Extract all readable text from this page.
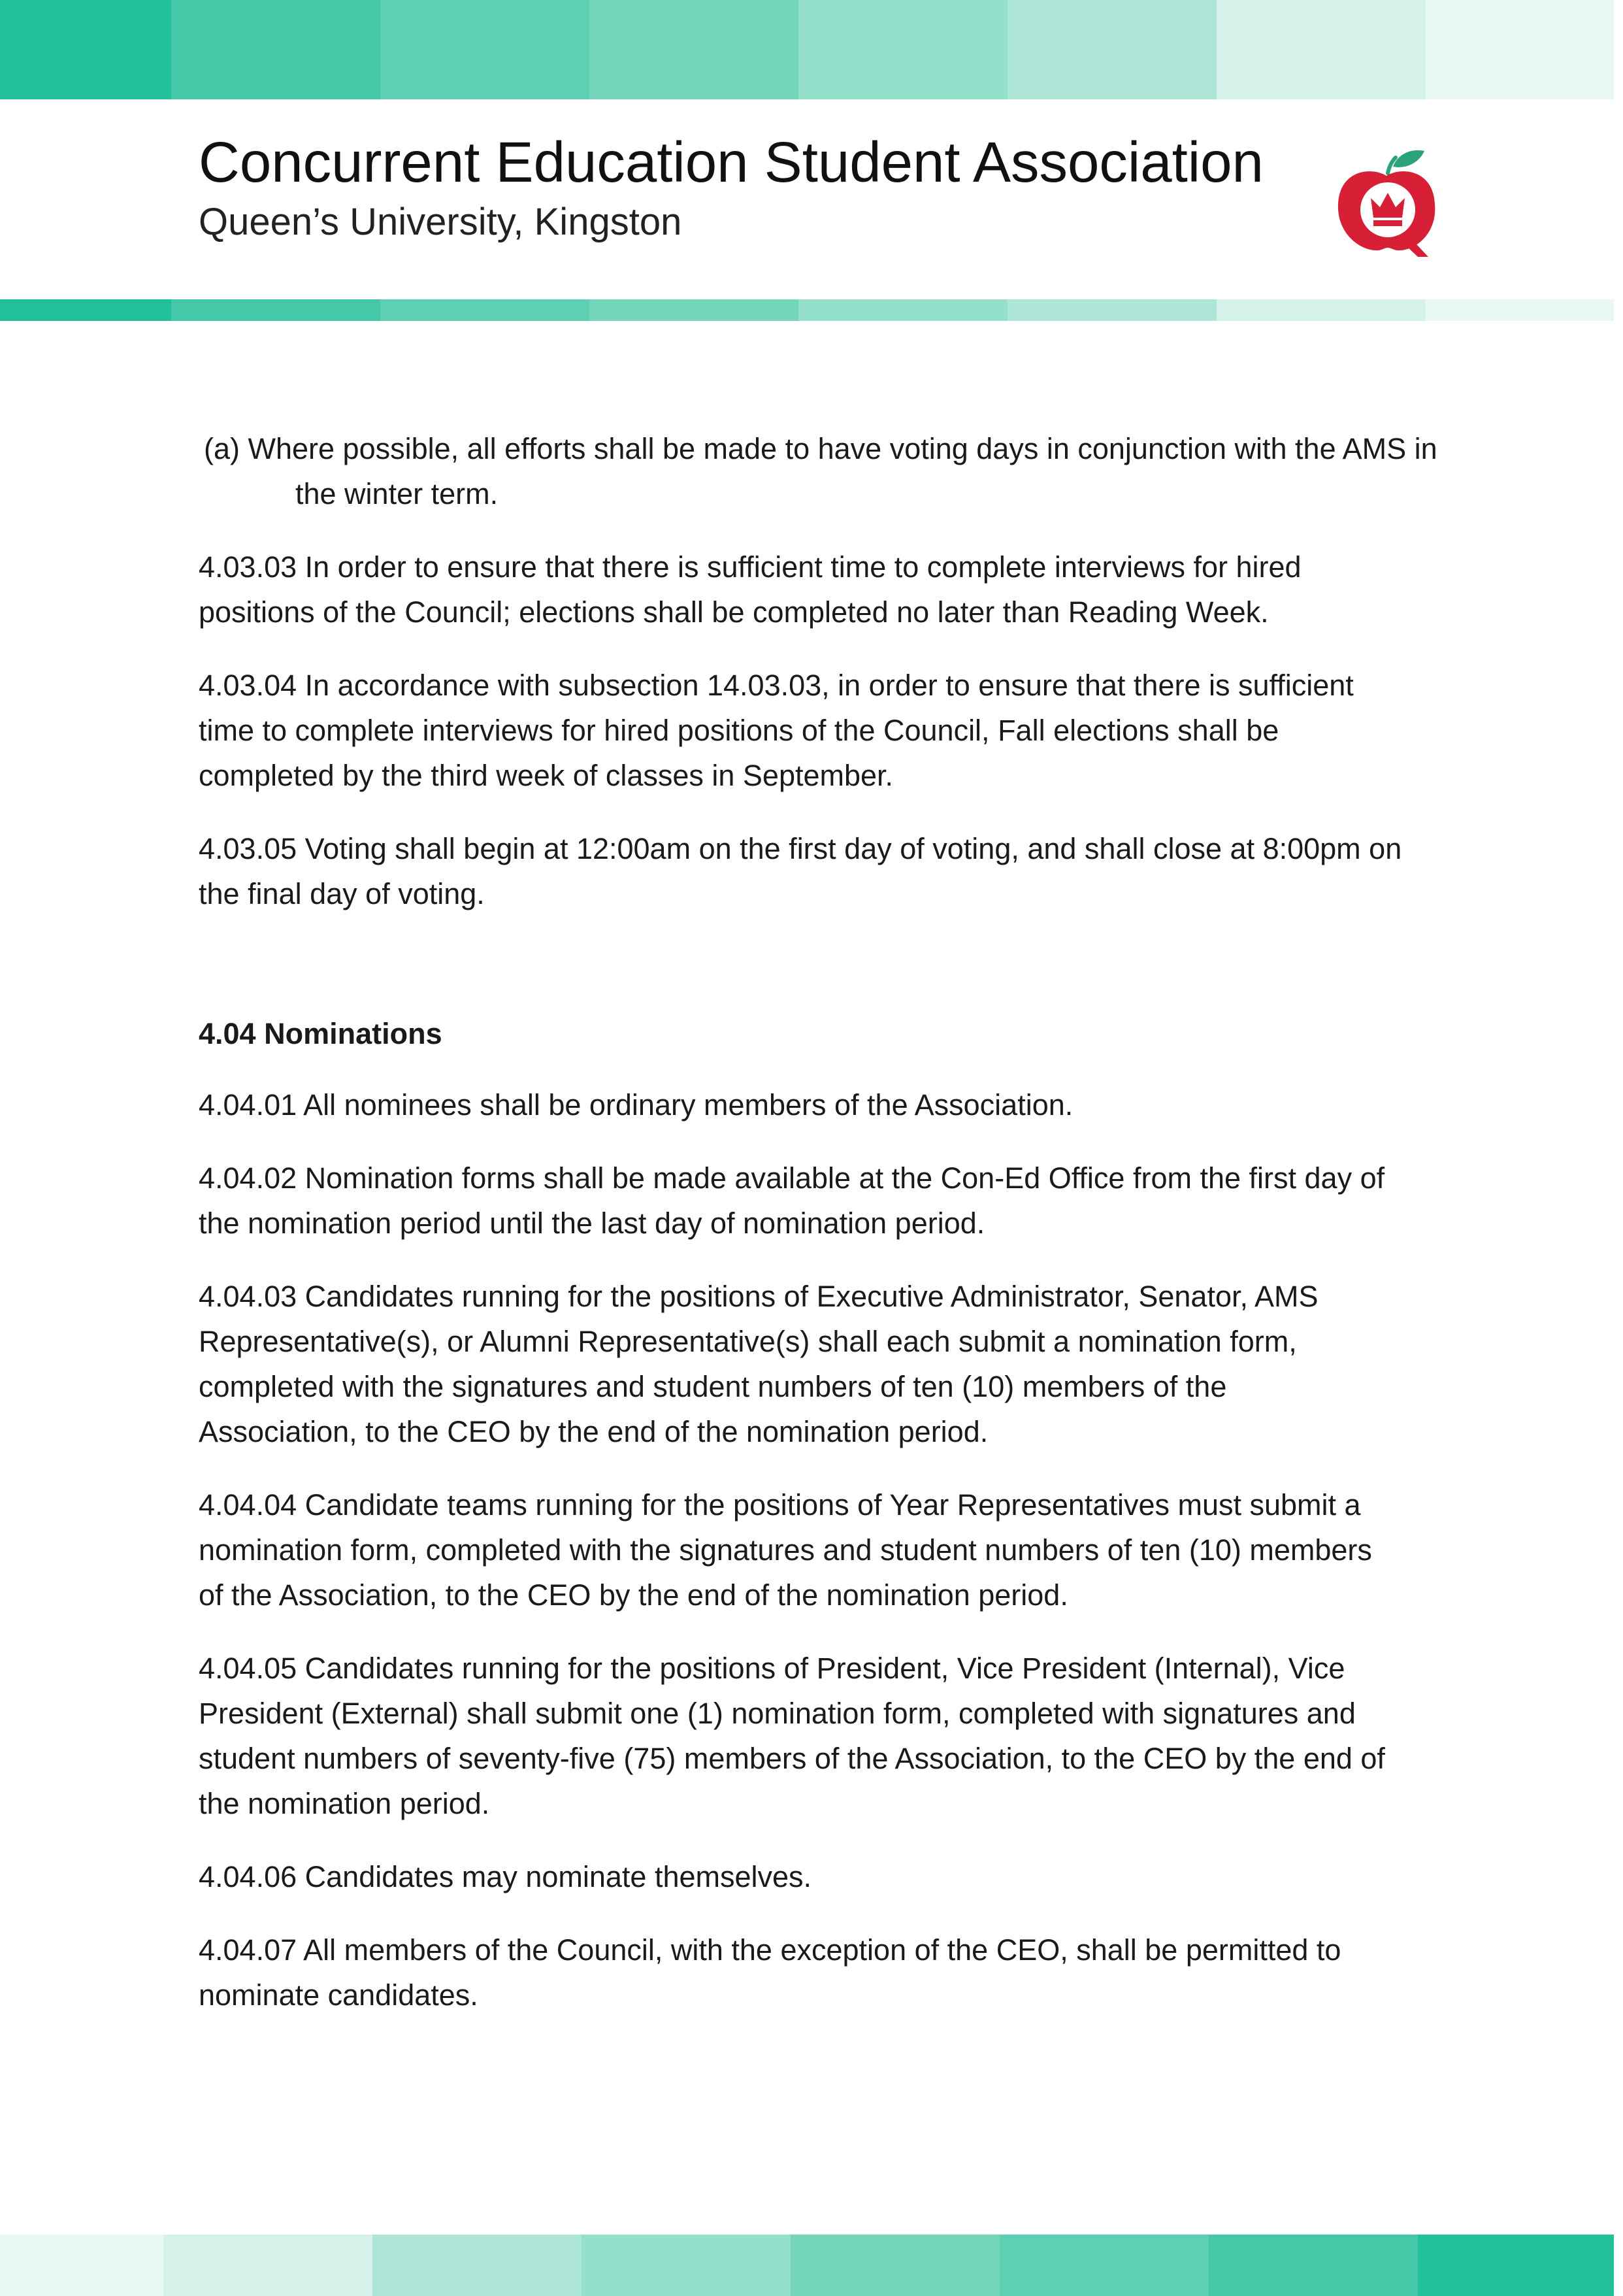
Concurrent Education Student Association
Queen’s University, Kingston

(a) Where possible, all efforts shall be made to have voting days in conjunction with the AMS in the winter term.

4.03.03 In order to ensure that there is sufficient time to complete interviews for hired
positions of the Council; elections shall be completed no later than Reading Week.

4.03.04 In accordance with subsection 14.03.03, in order to ensure that there is sufficient
time to complete interviews for hired positions of the Council, Fall elections shall be
completed by the third week of classes in September.

4.03.05 Voting shall begin at 12:00am on the first day of voting, and shall close at 8:00pm on
the final day of voting.

4.04 Nominations

4.04.01 All nominees shall be ordinary members of the Association.

4.04.02 Nomination forms shall be made available at the Con-Ed Office from the first day of
the nomination period until the last day of nomination period.

4.04.03 Candidates running for the positions of Executive Administrator, Senator, AMS
Representative(s), or Alumni Representative(s) shall each submit a nomination form,
completed with the signatures and student numbers of ten (10) members of the
Association, to the CEO by the end of the nomination period.

4.04.04 Candidate teams running for the positions of Year Representatives must submit a
nomination form, completed with the signatures and student numbers of ten (10) members
of the Association, to the CEO by the end of the nomination period.

4.04.05 Candidates running for the positions of President, Vice President (Internal), Vice
President (External) shall submit one (1) nomination form, completed with signatures and
student numbers of seventy-five (75) members of the Association, to the CEO by the end of
the nomination period.

4.04.06 Candidates may nominate themselves.

4.04.07 All members of the Council, with the exception of the CEO, shall be permitted to
nominate candidates.
